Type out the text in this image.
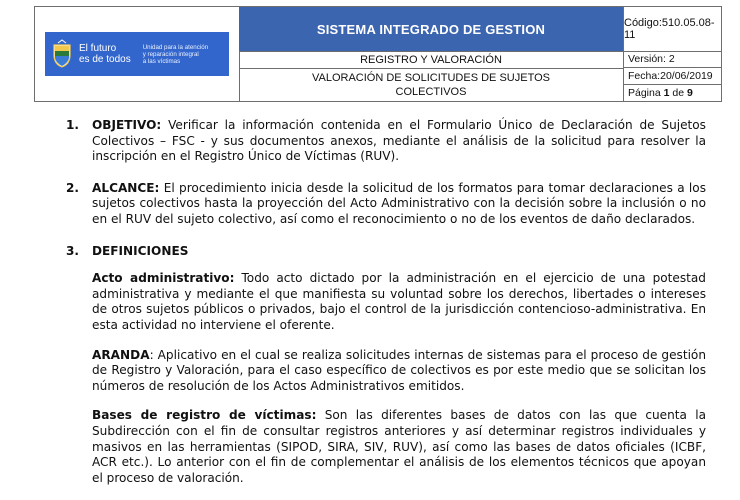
El futuro
es de todos
Unidad para la atención
y reparación integral
a las víctimas
SISTEMA INTEGRADO DE GESTION	Código:510.05.08-11
REGISTRO Y VALORACIÓN
VALORACIÓN DE SOLICITUDES DE SUJETOS
COLECTIVOS
Versión: 2
Fecha:20/06/2019
Página 1 de 9
1. OBJETIVO: Verificar la información contenida en el Formulario Único de Declaración de Sujetos Colectivos – FSC - y sus documentos anexos, mediante el análisis de la solicitud para resolver la inscripción en el Registro Único de Víctimas (RUV).
2. ALCANCE: El procedimiento inicia desde la solicitud de los formatos para tomar declaraciones a los sujetos colectivos hasta la proyección del Acto Administrativo con la decisión sobre la inclusión o no en el RUV del sujeto colectivo, así como el reconocimiento o no de los eventos de daño declarados.
3. DEFINICIONES
Acto administrativo: Todo acto dictado por la administración en el ejercicio de una potestad administrativa y mediante el que manifiesta su voluntad sobre los derechos, libertades o intereses de otros sujetos públicos o privados, bajo el control de la jurisdicción contencioso-administrativa. En esta actividad no interviene el oferente.
ARANDA: Aplicativo en el cual se realiza solicitudes internas de sistemas para el proceso de gestión de Registro y Valoración, para el caso específico de colectivos es por este medio que se solicitan los números de resolución de los Actos Administrativos emitidos.
Bases de registro de víctimas: Son las diferentes bases de datos con las que cuenta la Subdirección con el fin de consultar registros anteriores y así determinar registros individuales y masivos en las herramientas (SIPOD, SIRA, SIV, RUV), así como las bases de datos oficiales (ICBF, ACR etc.). Lo anterior con el fin de complementar el análisis de los elementos técnicos que apoyan el proceso de valoración.
